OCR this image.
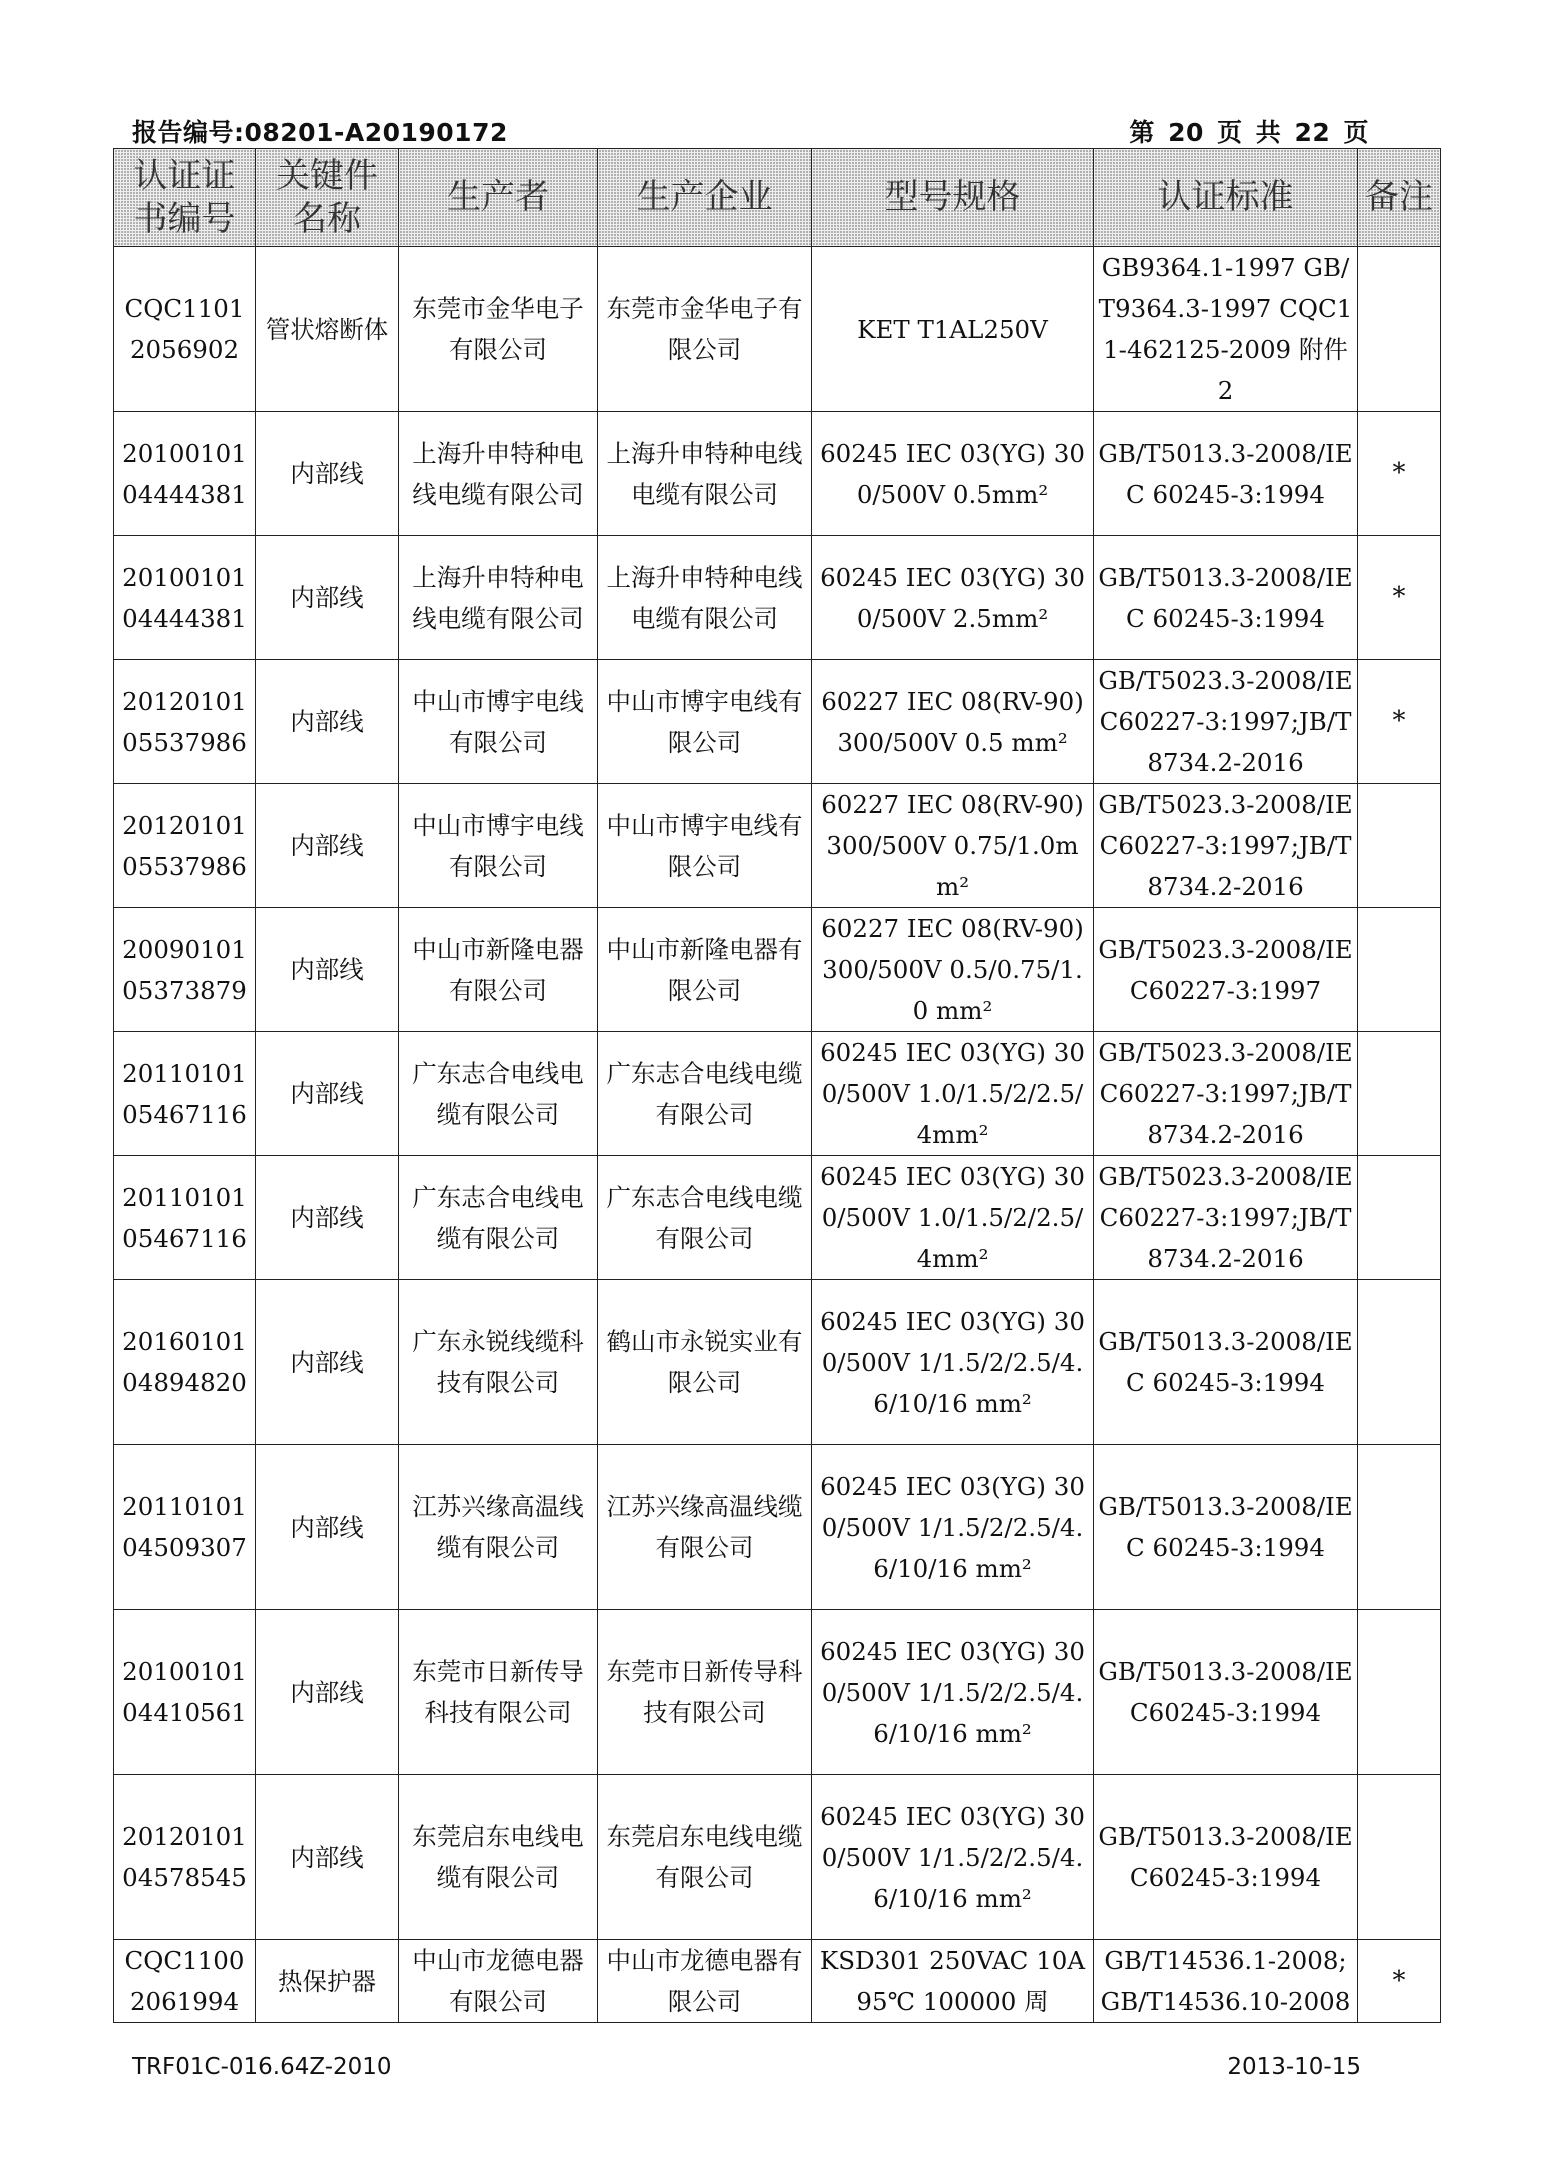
报告编号:08201-A20190172	第 20 页 共 22 页
认证证书编号	关键件名称	生产者	生产企业	型号规格	认证标准	备注
CQC1101 2056902	管状熔断体	东莞市金华电子有限公司	东莞市金华电子有限公司	KET T1AL250V	GB9364.1-1997 GB/T9364.3-1997 CQC11-462125-2009 附件 2	
20100101 04444381	内部线	上海升申特种电线电缆有限公司	上海升申特种电线电缆有限公司	60245 IEC 03(YG) 300/500V 0.5mm²	GB/T5013.3-2008/IEC 60245-3:1994	*
20100101 04444381	内部线	上海升申特种电线电缆有限公司	上海升申特种电线电缆有限公司	60245 IEC 03(YG) 300/500V 2.5mm²	GB/T5013.3-2008/IEC 60245-3:1994	*
20120101 05537986	内部线	中山市博宇电线有限公司	中山市博宇电线有限公司	60227 IEC 08(RV-90) 300/500V 0.5 mm²	GB/T5023.3-2008/IEC60227-3:1997;JB/T8734.2-2016	*
20120101 05537986	内部线	中山市博宇电线有限公司	中山市博宇电线有限公司	60227 IEC 08(RV-90) 300/500V 0.75/1.0mm²	GB/T5023.3-2008/IEC60227-3:1997;JB/T8734.2-2016	
20090101 05373879	内部线	中山市新隆电器有限公司	中山市新隆电器有限公司	60227 IEC 08(RV-90) 300/500V 0.5/0.75/1.0 mm²	GB/T5023.3-2008/IEC60227-3:1997	
20110101 05467116	内部线	广东志合电线电缆有限公司	广东志合电线电缆有限公司	60245 IEC 03(YG) 300/500V 1.0/1.5/2/2.5/4mm²	GB/T5023.3-2008/IEC60227-3:1997;JB/T8734.2-2016	
20110101 05467116	内部线	广东志合电线电缆有限公司	广东志合电线电缆有限公司	60245 IEC 03(YG) 300/500V 1.0/1.5/2/2.5/4mm²	GB/T5023.3-2008/IEC60227-3:1997;JB/T8734.2-2016	
20160101 04894820	内部线	广东永锐线缆科技有限公司	鹤山市永锐实业有限公司	60245 IEC 03(YG) 300/500V 1/1.5/2/2.5/4.6/10/16 mm²	GB/T5013.3-2008/IEC 60245-3:1994	
20110101 04509307	内部线	江苏兴缘高温线缆有限公司	江苏兴缘高温线缆有限公司	60245 IEC 03(YG) 300/500V 1/1.5/2/2.5/4.6/10/16 mm²	GB/T5013.3-2008/IEC 60245-3:1994	
20100101 04410561	内部线	东莞市日新传导科技有限公司	东莞市日新传导科技有限公司	60245 IEC 03(YG) 300/500V 1/1.5/2/2.5/4.6/10/16 mm²	GB/T5013.3-2008/IEC60245-3:1994	
20120101 04578545	内部线	东莞启东电线电缆有限公司	东莞启东电线电缆有限公司	60245 IEC 03(YG) 300/500V 1/1.5/2/2.5/4.6/10/16 mm²	GB/T5013.3-2008/IEC60245-3:1994	
CQC1100 2061994	热保护器	中山市龙德电器有限公司	中山市龙德电器有限公司	KSD301 250VAC 10A 95℃ 100000 周	GB/T14536.1-2008; GB/T14536.10-2008	*
TRF01C-016.64Z-2010	2013-10-15
